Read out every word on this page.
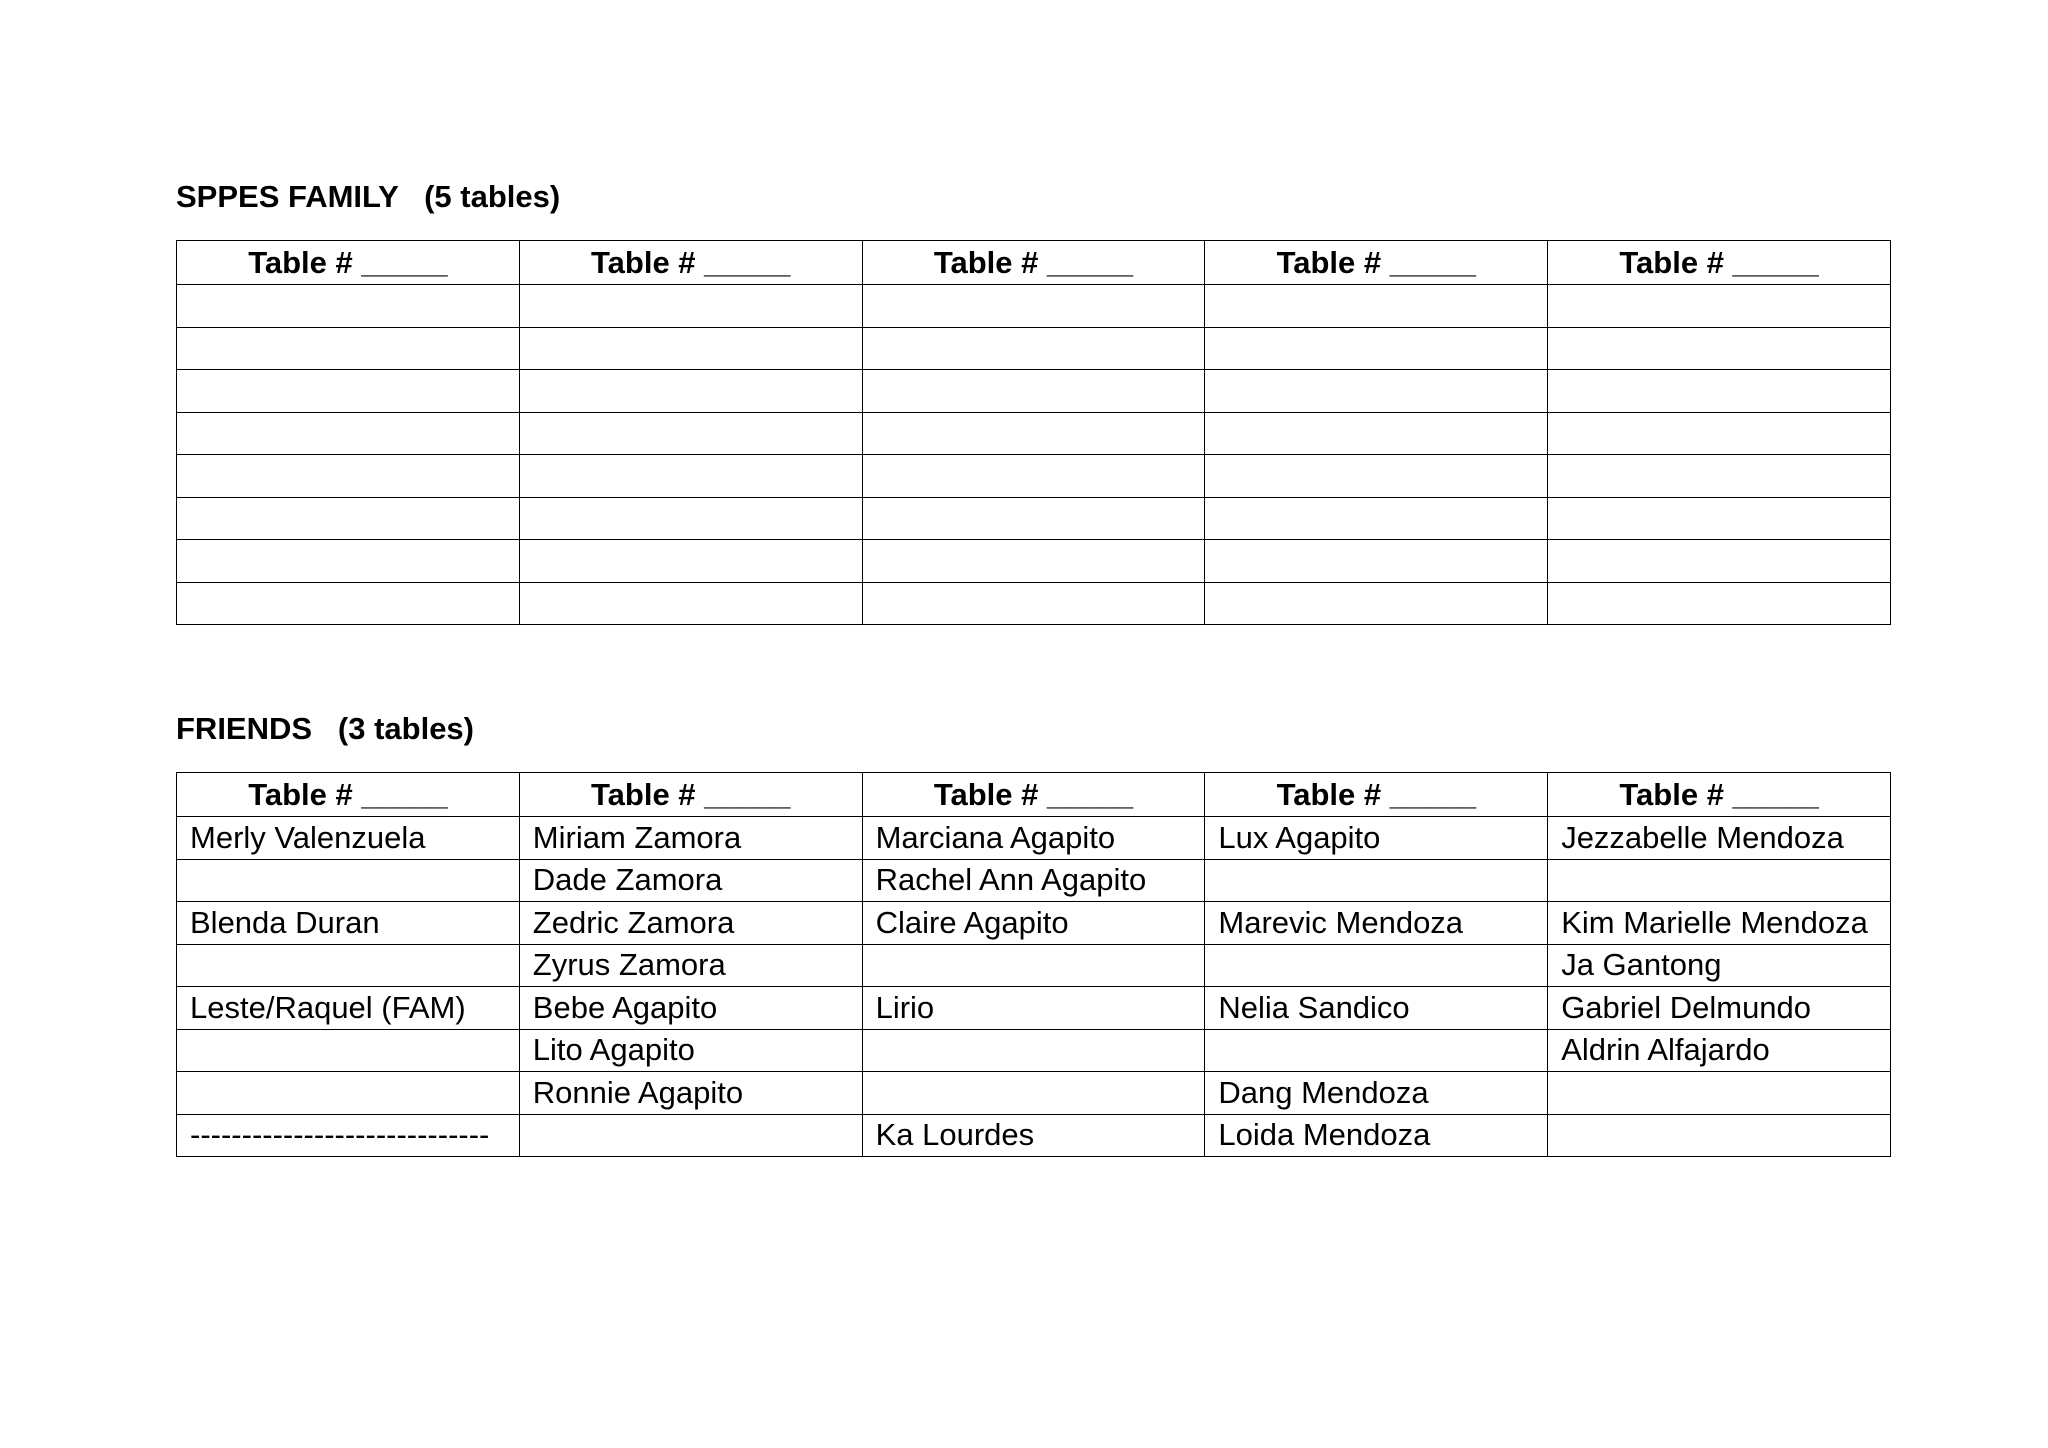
SPPES FAMILY   (5 tables)
Table # _____	Table # _____	Table # _____	Table # _____	Table # _____

FRIENDS   (3 tables)
Table # _____	Table # _____	Table # _____	Table # _____	Table # _____
Merly Valenzuela	Miriam Zamora	Marciana Agapito	Lux Agapito	Jezzabelle Mendoza
	Dade Zamora	Rachel Ann Agapito		
Blenda Duran	Zedric Zamora	Claire Agapito	Marevic Mendoza	Kim Marielle Mendoza
	Zyrus Zamora			Ja Gantong
Leste/Raquel (FAM)	Bebe Agapito	Lirio	Nelia Sandico	Gabriel Delmundo
	Lito Agapito			Aldrin Alfajardo
	Ronnie Agapito		Dang Mendoza	
-----------------------------		Ka Lourdes	Loida Mendoza	
